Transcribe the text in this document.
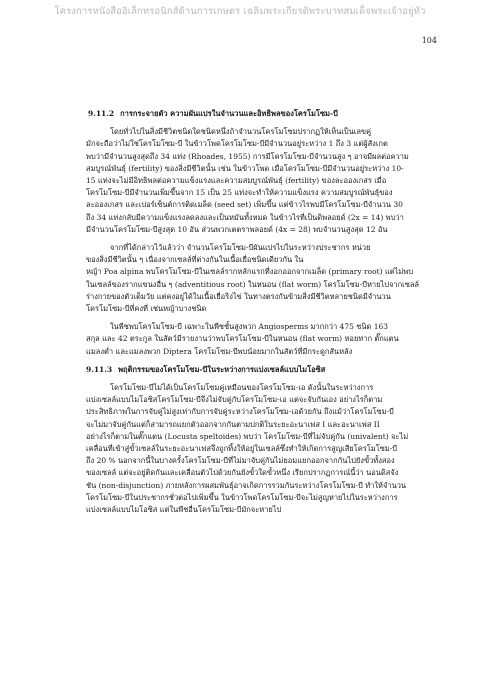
โครงการหนังสืออิเล็กทรอนิกส์ด้านการเกษตร เฉลิมพระเกียรติพระบาทสมเด็จพระเจ้าอยู่หัว
104
9.11.2 การกระจายตัว ความผันแปรในจำนวนและอิทธิพลของโครโมโซม-บี

โดยทั่วไปในสิ่งมีชีวิตชนิดใดชนิดหนึ่งถ้าจำนวนโครโมโซมปรากฏให้เห็นเป็นเลขคู่
มักจะถือว่าไม่ใช่โครโมโซม-บี ในข้าวโพดโครโมโซม-บีมีจำนวนอยู่ระหว่าง 1 ถึง 3 แต่ผู้สังเกต
พบว่ามีจำนวนสูงสุดถึง 34 แท่ง (Rhoades, 1955) การมีโครโมโซม-บีจำนวนสูง ๆ อาจมีผลต่อความ
สมบูรณ์พันธุ์ (fertility) ของสิ่งมีชีวิตนั้น เช่น ในข้าวโพด เมื่อโครโมโซม-บีมีจำนวนอยู่ระหว่าง 10-
15 แท่งจะไม่มีอิทธิพลต่อความแข็งแรงและความสมบูรณ์พันธุ์ (fertility) ของละอองเกสร เมื่อ
โครโมโซม-บีมีจำนวนเพิ่มขึ้นจาก 15 เป็น 25 แท่งจะทำให้ความแข็งแรง ความสมบูรณ์พันธุ์ของ
ละอองเกสร และเปอร์เซ็นต์การติดเมล็ด (seed set) เพิ่มขึ้น แต่ข้าวไรพบมีโครโมโซม-บีจำนวน 30
ถึง 34 แท่งกลับมีความแข็งแรงลดลงและเป็นหมันทั้งหมด ในข้าวไรที่เป็นดิพลอยด์ (2x = 14) พบว่า
มีจำนวนโครโมโซม-บีสูงสุด 10 อัน ส่วนพวกเตตราพลอยด์ (4x = 28) พบจำนวนสูงสุด 12 อัน

จากที่ได้กล่าวไว้แล้วว่า จำนวนโครโมโซม-บีผันแปรไปในระหว่างประชากร หน่วย
ของสิ่งมีชีวิตนั้น ๆ เนื่องจากเซลล์ที่ต่างกันในเนื้อเยื่อชนิดเดียวกัน ใน
หญ้า Poa alpina พบโครโมโซม-บีในเซลล์รากหลักแรกที่งอกออกจากเมล็ด (primary root) แต่ไม่พบ
ในเซลล์ของรากแขนงอื่น ๆ (adventitious root) ในหนอน (flat worm) โครโมโซม-บีหายไปจากเซลล์
ร่างกายของตัวเต็มวัย แต่คงอยู่ได้ในเนื้อเยื่อริงไข่ ในทางตรงกันข้ามสิ่งมีชีวิตหลายชนิดมีจำนวน
โครโมโซม-บีที่คงที่ เช่นหญ้าบางชนิด

ในพืชพบโครโมโซม-บี เฉพาะในพืชชั้นสูงพวก Angiosperms มากกว่า 475 ชนิด 163
สกุล และ 42 ตระกูล ในสัตว์มีรายงานว่าพบโครโมโซม-บีในหนอน (flat worm) หอยทาก ตั๊กแตน
แมลงต่ำ และแมลงพวก Diptera โครโมโซม-บีพบน้อยมากในสัตว์ที่มีกระดูกสันหลัง

9.11.3 พฤติกรรมของโครโมโซม-บีในระหว่างการแบ่งเซลล์แบบไมโอซิส

โครโมโซม-บีไม่ได้เป็นโครโมโซมคู่เหมือนของโครโมโซม-เอ ดังนั้นในระหว่างการ
แบ่งเซลล์แบบไมโอซิสโครโมโซม-บีจึงไม่จับคู่กับโครโมโซม-เอ แต่จะจับกันเอง อย่างไรก็ตาม
ประสิทธิภาพในการจับคู่ไม่สูงเท่ากับการจับคู่ระหว่างโครโมโซม-เอด้วยกัน ถึงแม้ว่าโครโมโซม-บี
จะไม่มาจับคู่กันแต่ก็สามารถแยกตัวออกจากกันตามปกติในระยะอะนาเฟส I และอะนาเฟส II
อย่างไรก็ตามในตั๊กแตน (Locusta speltoides) พบว่า โครโมโซม-บีที่ไม่จับคู่กัน (univalent) จะไม่
เคลื่อนที่เข้าสู่ขั้วเซลล์ในระยะอะนาเฟสจึงถูกทิ้งให้อยู่ในเซลล์ซึ่งทำให้เกิดการสูญเสียโครโมโซม-บี
ถึง 20 % นอกจากนี้ในบางครั้งโครโมโซม-บีที่ไม่มาจับคู่กันไม่ยอมแยกออกจากกันไปยังขั้วทั้งสอง
ของเซลล์ แต่จะอยู่ติดกันและเคลื่อนตัวไปด้วยกันยังขั้วใดขั้วหนึ่ง เรียกปรากฏการณ์นี้ว่า นอนดิสจัง
ชัน (non-disjunction) ภายหลังการผสมพันธุ์อาจเกิดการรวมกันระหว่างโครโมโซม-บี ทำให้จำนวน
โครโมโซม-บีในประชากรชั่วต่อไปเพิ่มขึ้น ในข้าวโพดโครโมโซม-บีจะไม่สูญหายไปในระหว่างการ
แบ่งเซลล์แบบไมโอซิส แต่ในพืชอื่นโครโมโซม-บีมักจะหายไป
